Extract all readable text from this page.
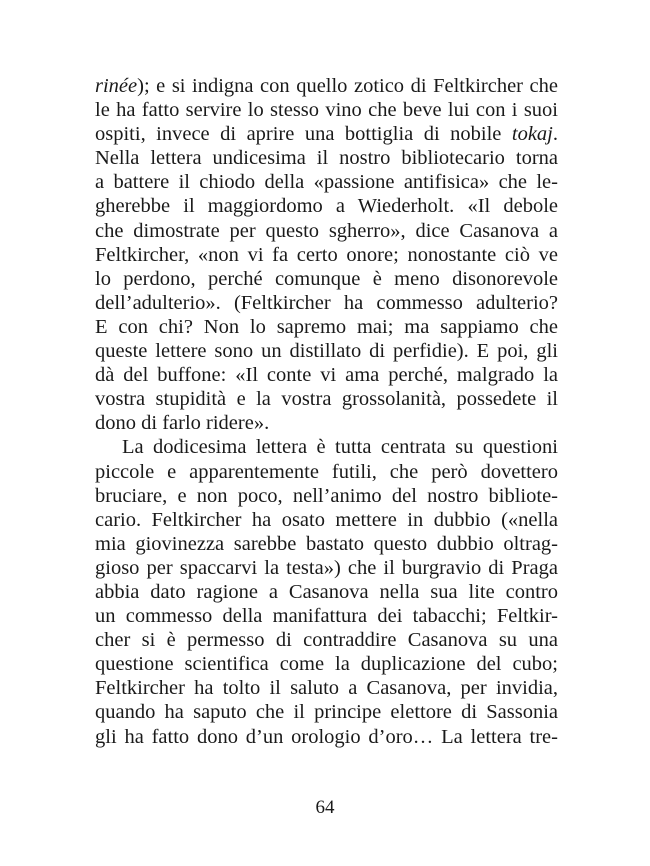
rinée); e si indigna con quello zotico di Feltkircher che
le ha fatto servire lo stesso vino che beve lui con i suoi
ospiti, invece di aprire una bottiglia di nobile tokaj.
Nella lettera undicesima il nostro bibliotecario torna
a battere il chiodo della «passione antifisica» che le-
gherebbe il maggiordomo a Wiederholt. «Il debole
che dimostrate per questo sgherro», dice Casanova a
Feltkircher, «non vi fa certo onore; nonostante ciò ve
lo perdono, perché comunque è meno disonorevole
dell’adulterio». (Feltkircher ha commesso adulterio?
E con chi? Non lo sapremo mai; ma sappiamo che
queste lettere sono un distillato di perfidie). E poi, gli
dà del buffone: «Il conte vi ama perché, malgrado la
vostra stupidità e la vostra grossolanità, possedete il
dono di farlo ridere».
La dodicesima lettera è tutta centrata su questioni
piccole e apparentemente futili, che però dovettero
bruciare, e non poco, nell’animo del nostro bibliote-
cario. Feltkircher ha osato mettere in dubbio («nella
mia giovinezza sarebbe bastato questo dubbio oltrag-
gioso per spaccarvi la testa») che il burgravio di Praga
abbia dato ragione a Casanova nella sua lite contro
un commesso della manifattura dei tabacchi; Feltkir-
cher si è permesso di contraddire Casanova su una
questione scientifica come la duplicazione del cubo;
Feltkircher ha tolto il saluto a Casanova, per invidia,
quando ha saputo che il principe elettore di Sassonia
gli ha fatto dono d’un orologio d’oro… La lettera tre-
64
